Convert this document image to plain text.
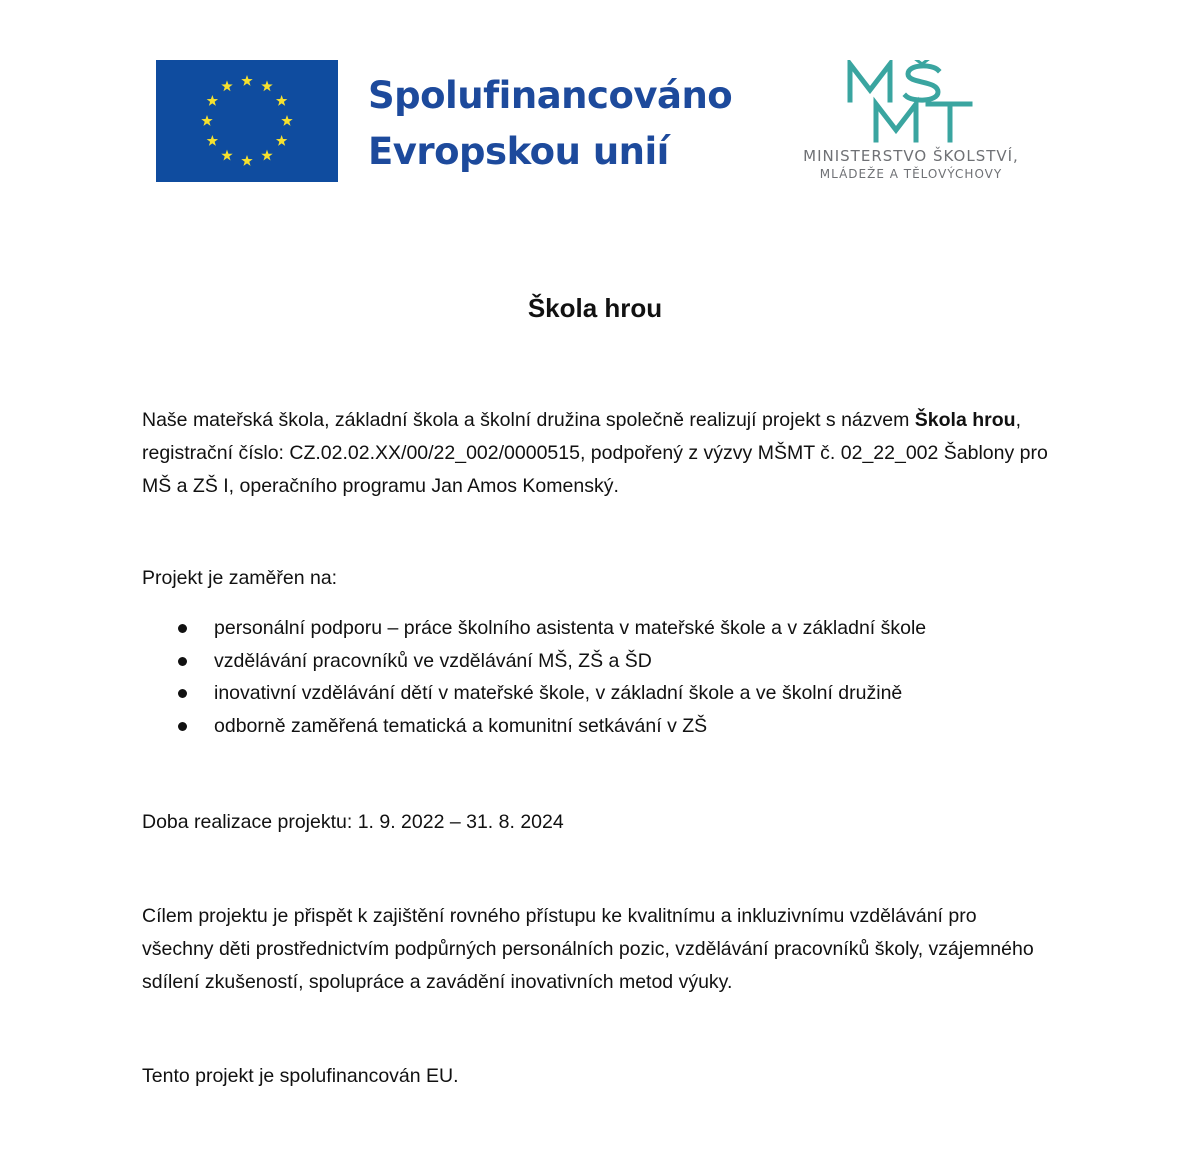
Spolufinancováno
Evropskou unií	MINISTERSTVO ŠKOLSTVÍ,
MLÁDEŽE A TĚLOVÝCHOVY
Škola hrou
Naše mateřská škola, základní škola a školní družina společně realizují projekt s názvem Škola hrou, registrační číslo: CZ.02.02.XX/00/22_002/0000515, podpořený z výzvy MŠMT č. 02_22_002 Šablony pro MŠ a ZŠ I, operačního programu Jan Amos Komenský.
Projekt je zaměřen na:
personální podporu – práce školního asistenta v mateřské škole a v základní škole
vzdělávání pracovníků ve vzdělávání MŠ, ZŠ a ŠD
inovativní vzdělávání dětí v mateřské škole, v základní škole a ve školní družině
odborně zaměřená tematická a komunitní setkávání v ZŠ
Doba realizace projektu: 1. 9. 2022 – 31. 8. 2024
Cílem projektu je přispět k zajištění rovného přístupu ke kvalitnímu a inkluzivnímu vzdělávání pro všechny děti prostřednictvím podpůrných personálních pozic, vzdělávání pracovníků školy, vzájemného sdílení zkušeností, spolupráce a zavádění inovativních metod výuky.
Tento projekt je spolufinancován EU.
